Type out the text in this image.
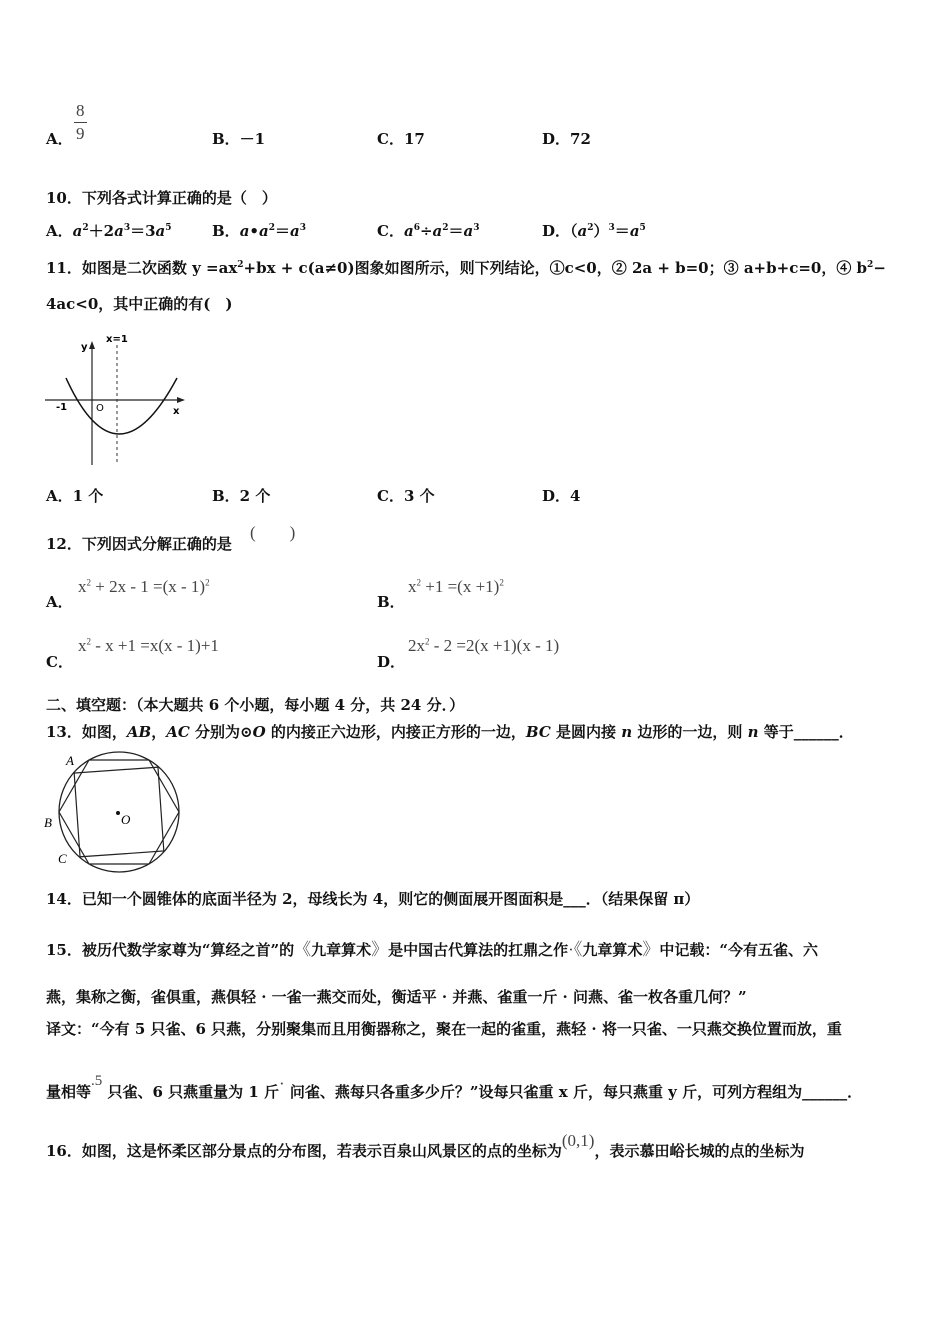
A． $\frac{8}{9}$	B．－1	C．17	D．72
10．下列各式计算正确的是（　）
A．$a^2+2a^3=3a^5$	B．$a•a^2=a^3$	C．$a^6\div a^2=a^3$	D．$(a^2)^3=a^5$
11．如图是二次函数 $y =ax^2+bx + c(a\ne 0)$图象如图所示，则下列结论，①c<0，② 2a + b=0；③ a+b+c=0，④ $b^2-$
4ac<0，其中正确的有(　)
x=1
y
x
-1	O
A．1 个	B．2 个	C．3 个	D．4
12．下列因式分解正确的是
(　　)
A．
$x^2 + 2x - 1 =(x - 1)^2$
B．
$x^2 +1 =(x +1)^2$
C．
$x^2 - x +1 =x(x - 1)+1$
D．
$2x^2 - 2 =2(x +1)(x - 1)$
二、填空题：（本大题共 6 个小题，每小题 4 分，共 24 分．）
13．如图，AB，AC 分别为⊙O 的内接正六边形，内接正方形的一边，BC 是圆内接 n 边形的一边，则 n 等于______．
A
B
C
O
14．已知一个圆锥体的底面半径为 2，母线长为 4，则它的侧面展开图面积是___．（结果保留 π）
15．被历代数学家尊为“算经之首”的《九章算术》是中国古代算法的扛鼎之作·《九章算术》中记载：“今有五雀、六
燕，集称之衡，雀俱重，燕俱轻 · 一雀一燕交而处，衡适平 · 并燕、雀重一斤 · 问燕、雀一枚各重几何？”
译文：“今有 5 只雀、6 只燕，分别聚集而且用衡器称之，聚在一起的雀重，燕轻 · 将一只雀、一只燕交换位置而放，重
量相等.5 只雀、6 只燕重量为 1 斤· 问雀、燕每只各重多少斤？”设每只雀重 x 斤，每只燕重 y 斤，可列方程组为______．
16．如图，这是怀柔区部分景点的分布图，若表示百泉山风景区的点的坐标为(0,1)，表示慕田峪长城的点的坐标为
